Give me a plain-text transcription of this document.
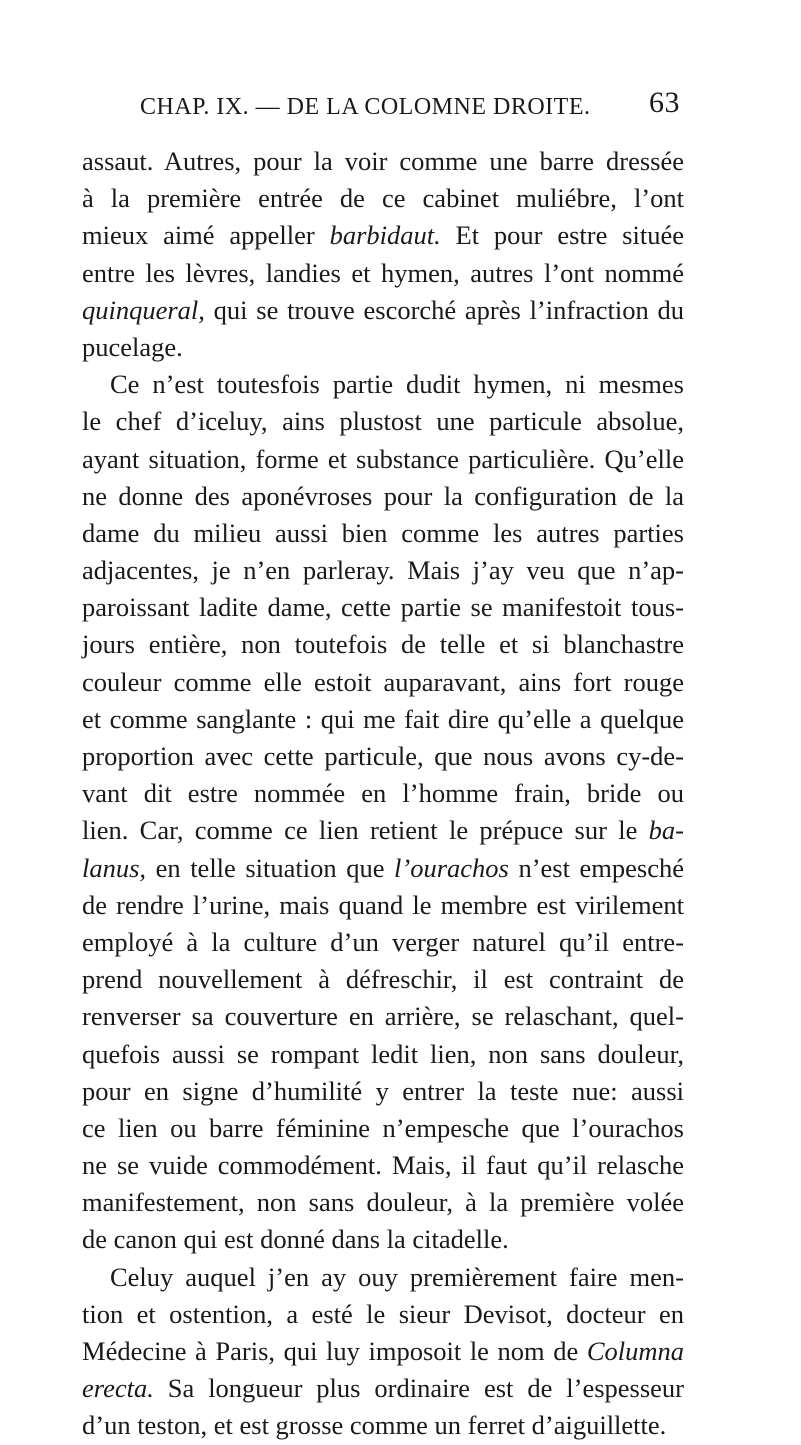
CHAP. IX. — DE LA COLOMNE DROITE. 63
assaut. Autres, pour la voir comme une barre dressée
à la première entrée de ce cabinet muliébre, l’ont
mieux aimé appeller barbidaut. Et pour estre située
entre les lèvres, landies et hymen, autres l’ont nommé
quinqueral, qui se trouve escorché après l’infraction du
pucelage.
Ce n’est toutesfois partie dudit hymen, ni mesmes
le chef d’iceluy, ains plustost une particule absolue,
ayant situation, forme et substance particulière. Qu’elle
ne donne des aponévroses pour la configuration de la
dame du milieu aussi bien comme les autres parties
adjacentes, je n’en parleray. Mais j’ay veu que n’ap-
paroissant ladite dame, cette partie se manifestoit tous-
jours entière, non toutefois de telle et si blanchastre
couleur comme elle estoit auparavant, ains fort rouge
et comme sanglante : qui me fait dire qu’elle a quelque
proportion avec cette particule, que nous avons cy-de-
vant dit estre nommée en l’homme frain, bride ou
lien. Car, comme ce lien retient le prépuce sur le ba-
lanus, en telle situation que l’ourachos n’est empesché
de rendre l’urine, mais quand le membre est virilement
employé à la culture d’un verger naturel qu’il entre-
prend nouvellement à défreschir, il est contraint de
renverser sa couverture en arrière, se relaschant, quel-
quefois aussi se rompant ledit lien, non sans douleur,
pour en signe d’humilité y entrer la teste nue: aussi
ce lien ou barre féminine n’empesche que l’ourachos
ne se vuide commodément. Mais, il faut qu’il relasche
manifestement, non sans douleur, à la première volée
de canon qui est donné dans la citadelle.
Celuy auquel j’en ay ouy premièrement faire men-
tion et ostention, a esté le sieur Devisot, docteur en
Médecine à Paris, qui luy imposoit le nom de Columna
erecta. Sa longueur plus ordinaire est de l’espesseur
d’un teston, et est grosse comme un ferret d’aiguillette.
